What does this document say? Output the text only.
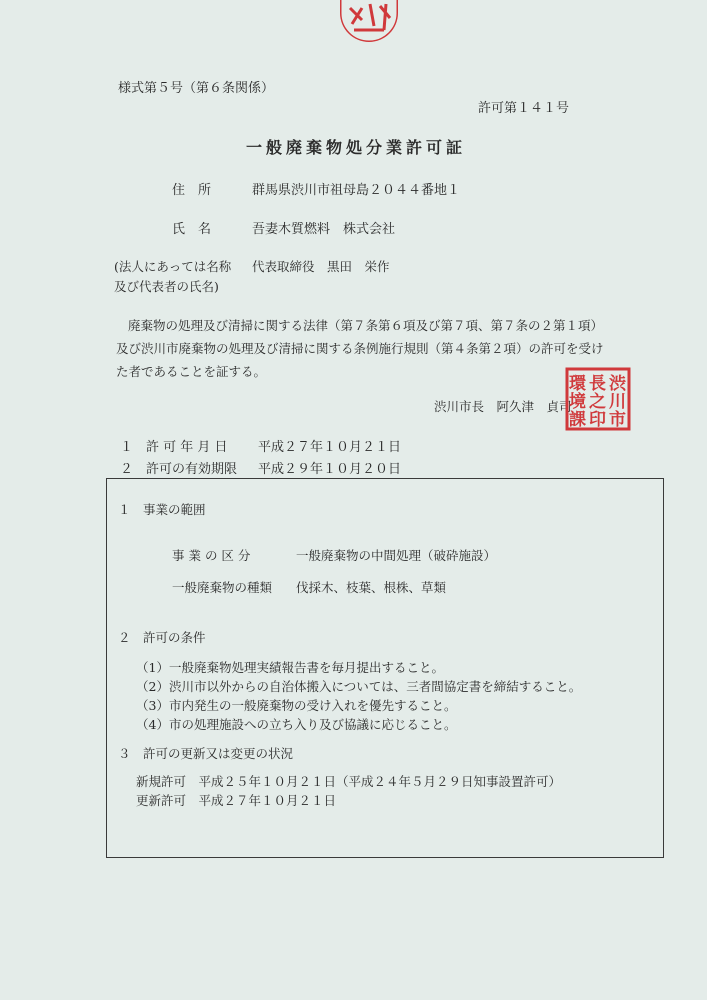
様式第５号（第６条関係）
許可第１４１号
一般廃棄物処分業許可証
住　所	群馬県渋川市祖母島２０４４番地１
氏　名	吾妻木質燃料　株式会社
(法人にあっては名称 代表取締役　黒田　栄作
及び代表者の氏名)

廃棄物の処理及び清掃に関する法律（第７条第６項及び第７項、第７条の２第１項）

及び渋川市廃棄物の処理及び清掃に関する条例施行規則（第４条第２項）の許可を受け

た者であることを証する。

渋川市長　阿久津　貞司
渋
川
市
長
之
印
環
境
課
１　許 可 年 月 日 平成２７年１０月２１日
２　許可の有効期限 平成２９年１０月２０日
１　事業の範囲
事 業 の 区 分	一般廃棄物の中間処理（破砕施設）
一般廃棄物の種類 伐採木、枝葉、根株、草類
２　許可の条件
（1）一般廃棄物処理実績報告書を毎月提出すること。
（2）渋川市以外からの自治体搬入については、三者間協定書を締結すること。
（3）市内発生の一般廃棄物の受け入れを優先すること。
（4）市の処理施設への立ち入り及び協議に応じること。
３　許可の更新又は変更の状況
新規許可　平成２５年１０月２１日（平成２４年５月２９日知事設置許可）
更新許可　平成２７年１０月２１日
